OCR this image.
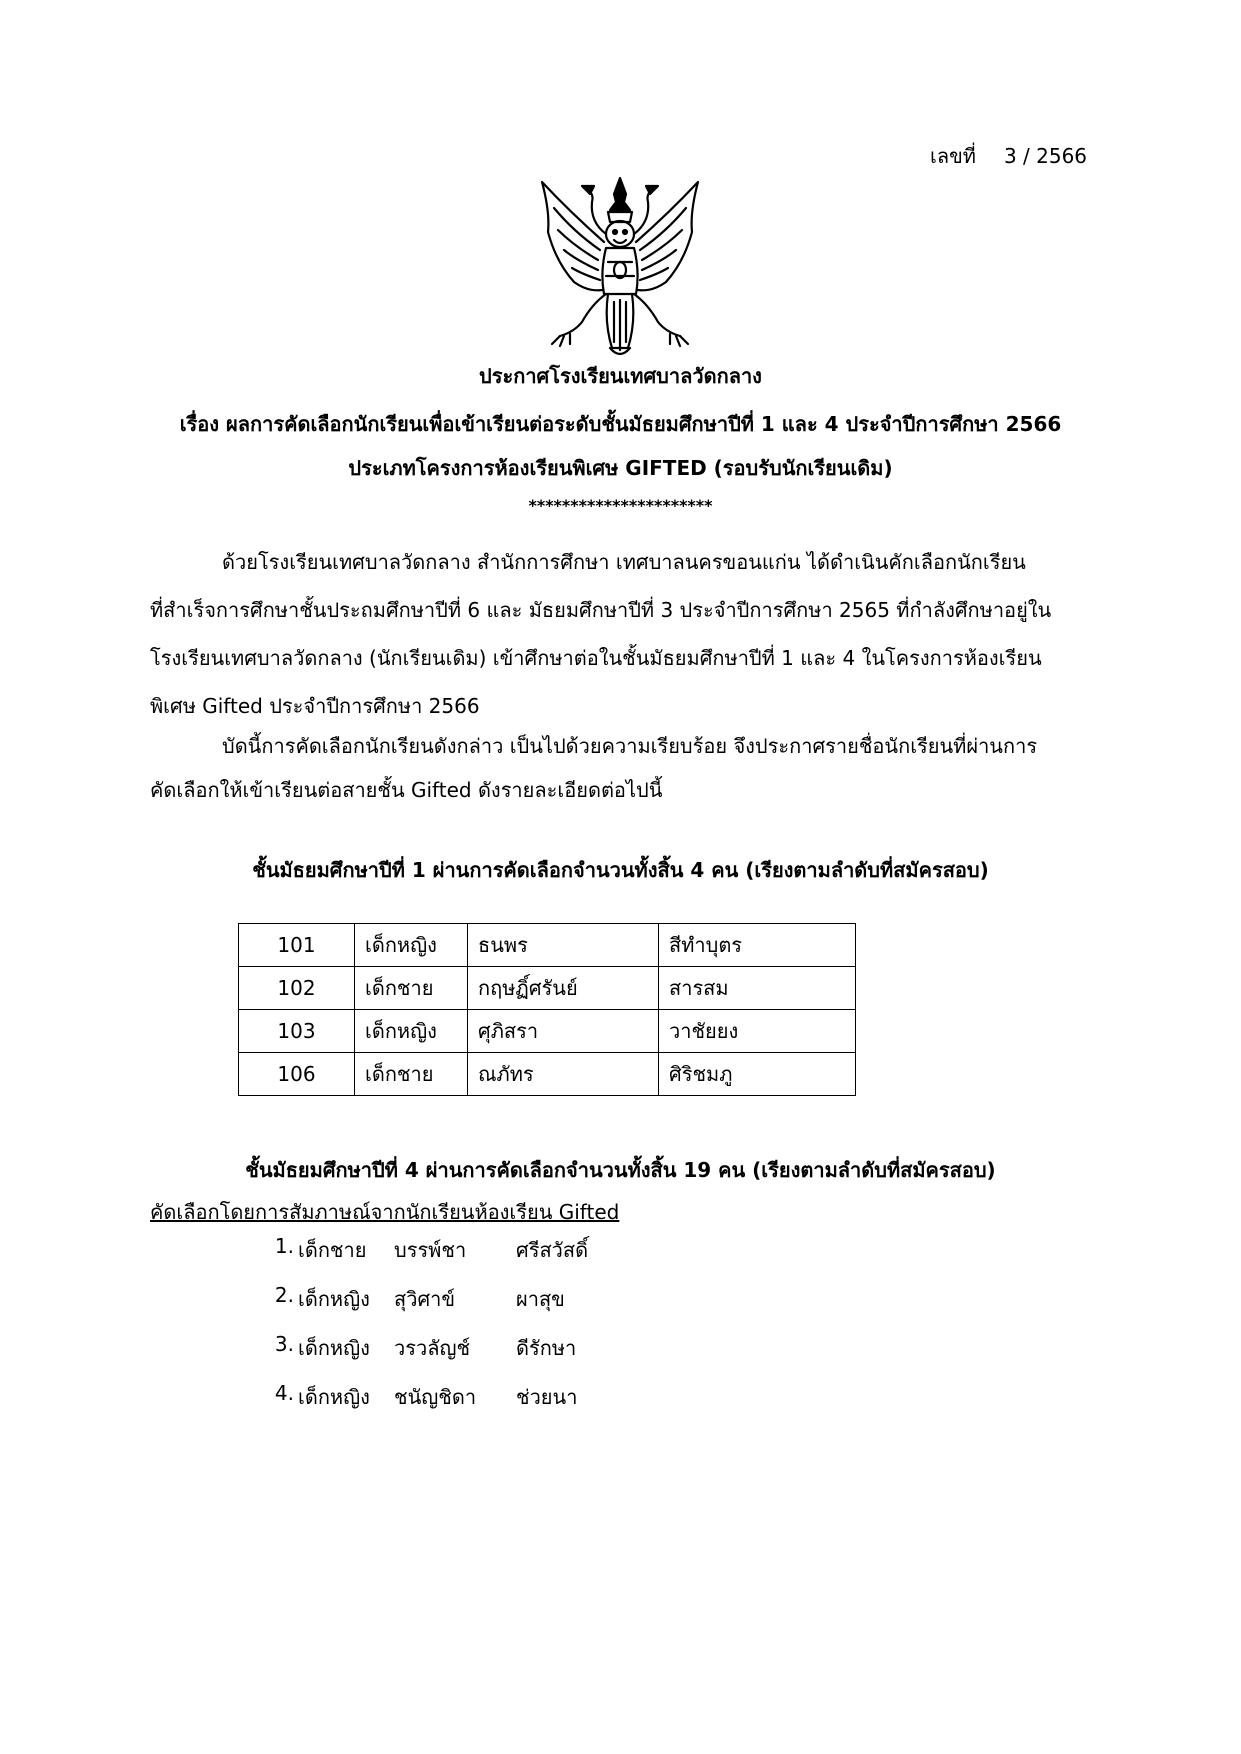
เลขที่ 3 / 2566
ประกาศโรงเรียนเทศบาลวัดกลาง
เรื่อง ผลการคัดเลือกนักเรียนเพื่อเข้าเรียนต่อระดับชั้นมัธยมศึกษาปีที่ 1 และ 4 ประจำปีการศึกษา 2566
ประเภทโครงการห้องเรียนพิเศษ GIFTED (รอบรับนักเรียนเดิม)
**********************
ด้วยโรงเรียนเทศบาลวัดกลาง สำนักการศึกษา เทศบาลนครขอนแก่น ได้ดำเนินคักเลือกนักเรียน
ที่สำเร็จการศึกษาชั้นประถมศึกษาปีที่ 6 และ มัธยมศึกษาปีที่ 3 ประจำปีการศึกษา 2565 ที่กำลังศึกษาอยู่ใน
โรงเรียนเทศบาลวัดกลาง (นักเรียนเดิม) เข้าศึกษาต่อในชั้นมัธยมศึกษาปีที่ 1 และ 4 ในโครงการห้องเรียน
พิเศษ Gifted ประจำปีการศึกษา 2566
บัดนี้การคัดเลือกนักเรียนดังกล่าว เป็นไปด้วยความเรียบร้อย จึงประกาศรายชื่อนักเรียนที่ผ่านการ
คัดเลือกให้เข้าเรียนต่อสายชั้น Gifted ดังรายละเอียดต่อไปนี้
ชั้นมัธยมศึกษาปีที่ 1 ผ่านการคัดเลือกจำนวนทั้งสิ้น 4 คน (เรียงตามลำดับที่สมัครสอบ)
101	เด็กหญิง	ธนพร	สีทำบุตร
102	เด็กชาย	กฤษฏิ์ศรันย์	สารสม
103	เด็กหญิง	ศุภิสรา	วาชัยยง
106	เด็กชาย	ณภัทร	ศิริชมภู
ชั้นมัธยมศึกษาปีที่ 4 ผ่านการคัดเลือกจำนวนทั้งสิ้น 19 คน (เรียงตามลำดับที่สมัครสอบ)
คัดเลือกโดยการสัมภาษณ์จากนักเรียนห้องเรียน Gifted
1. เด็กชาย บรรพ์ชา ศรีสวัสดิ์
2. เด็กหญิง สุวิศาข์	ผาสุข
3. เด็กหญิง วรวลัญช์ ดีรักษา
4. เด็กหญิง ชนัญชิดา ช่วยนา
